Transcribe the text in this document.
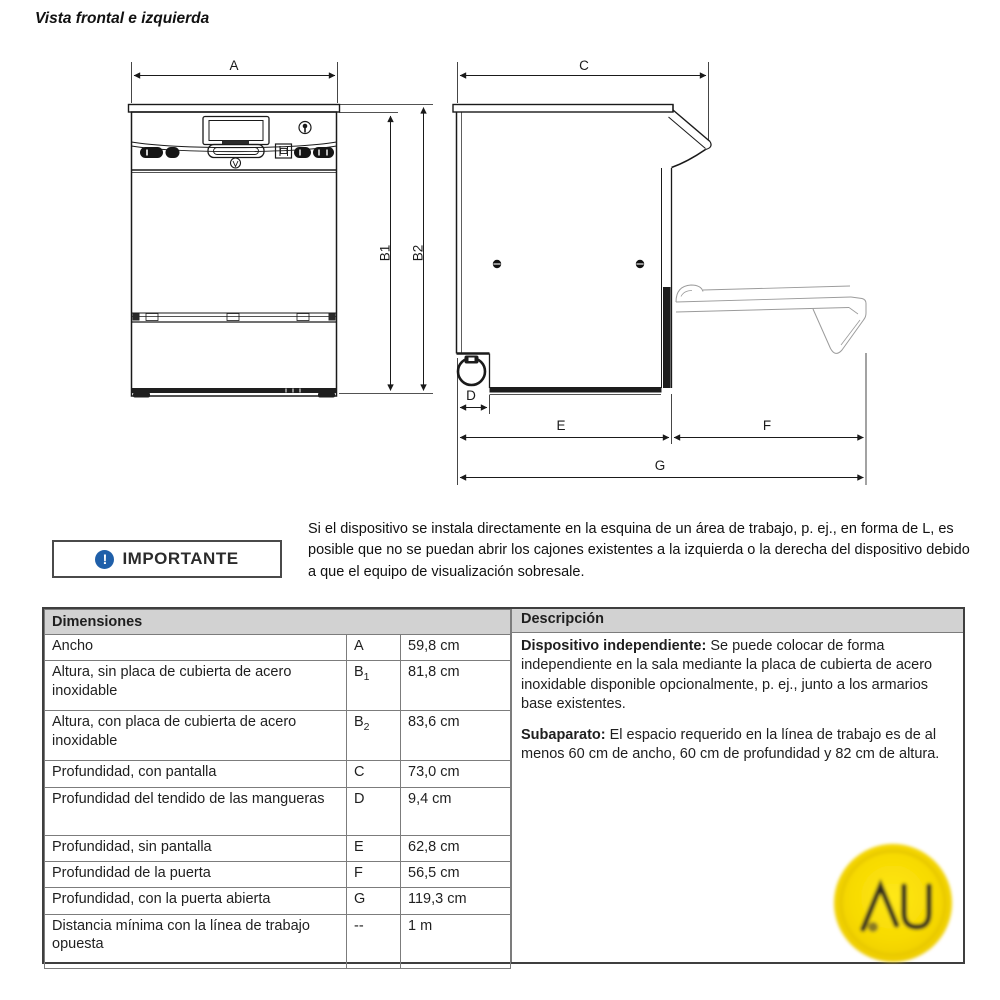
Vista frontal e izquierda
A
B1 B2
C
D
E	F
G
! IMPORTANTE
Si el dispositivo se instala directamente en la esquina de un área de trabajo, p. ej., en forma de L, es posible que no se puedan abrir los cajones existentes a la izquierda o la derecha del dispositivo debido a que el equipo de visualización sobresale.
Dimensiones		
Ancho	A	59,8 cm
Altura, sin placa de cubierta de acero inoxidable	$B_1$	81,8 cm
Altura, con placa de cubierta de acero inoxidable	$B_2$	83,6 cm
Profundidad, con pantalla	C	73,0 cm
Profundidad del tendido de las mangueras	D	9,4 cm
Profundidad, sin pantalla	E	62,8 cm
Profundidad de la puerta	F	56,5 cm
Profundidad, con la puerta abierta	G	119,3 cm
Distancia mínima con la línea de trabajo opuesta	--	1 m
Descripción

Dispositivo independiente: Se puede colocar de forma independiente en la sala mediante la placa de cubierta de acero inoxidable disponible opcionalmente, p. ej., junto a los armarios base existentes.

Subaparato: El espacio requerido en la línea de trabajo es de al menos 60 cm de ancho, 60 cm de profundidad y 82 cm de altura.
